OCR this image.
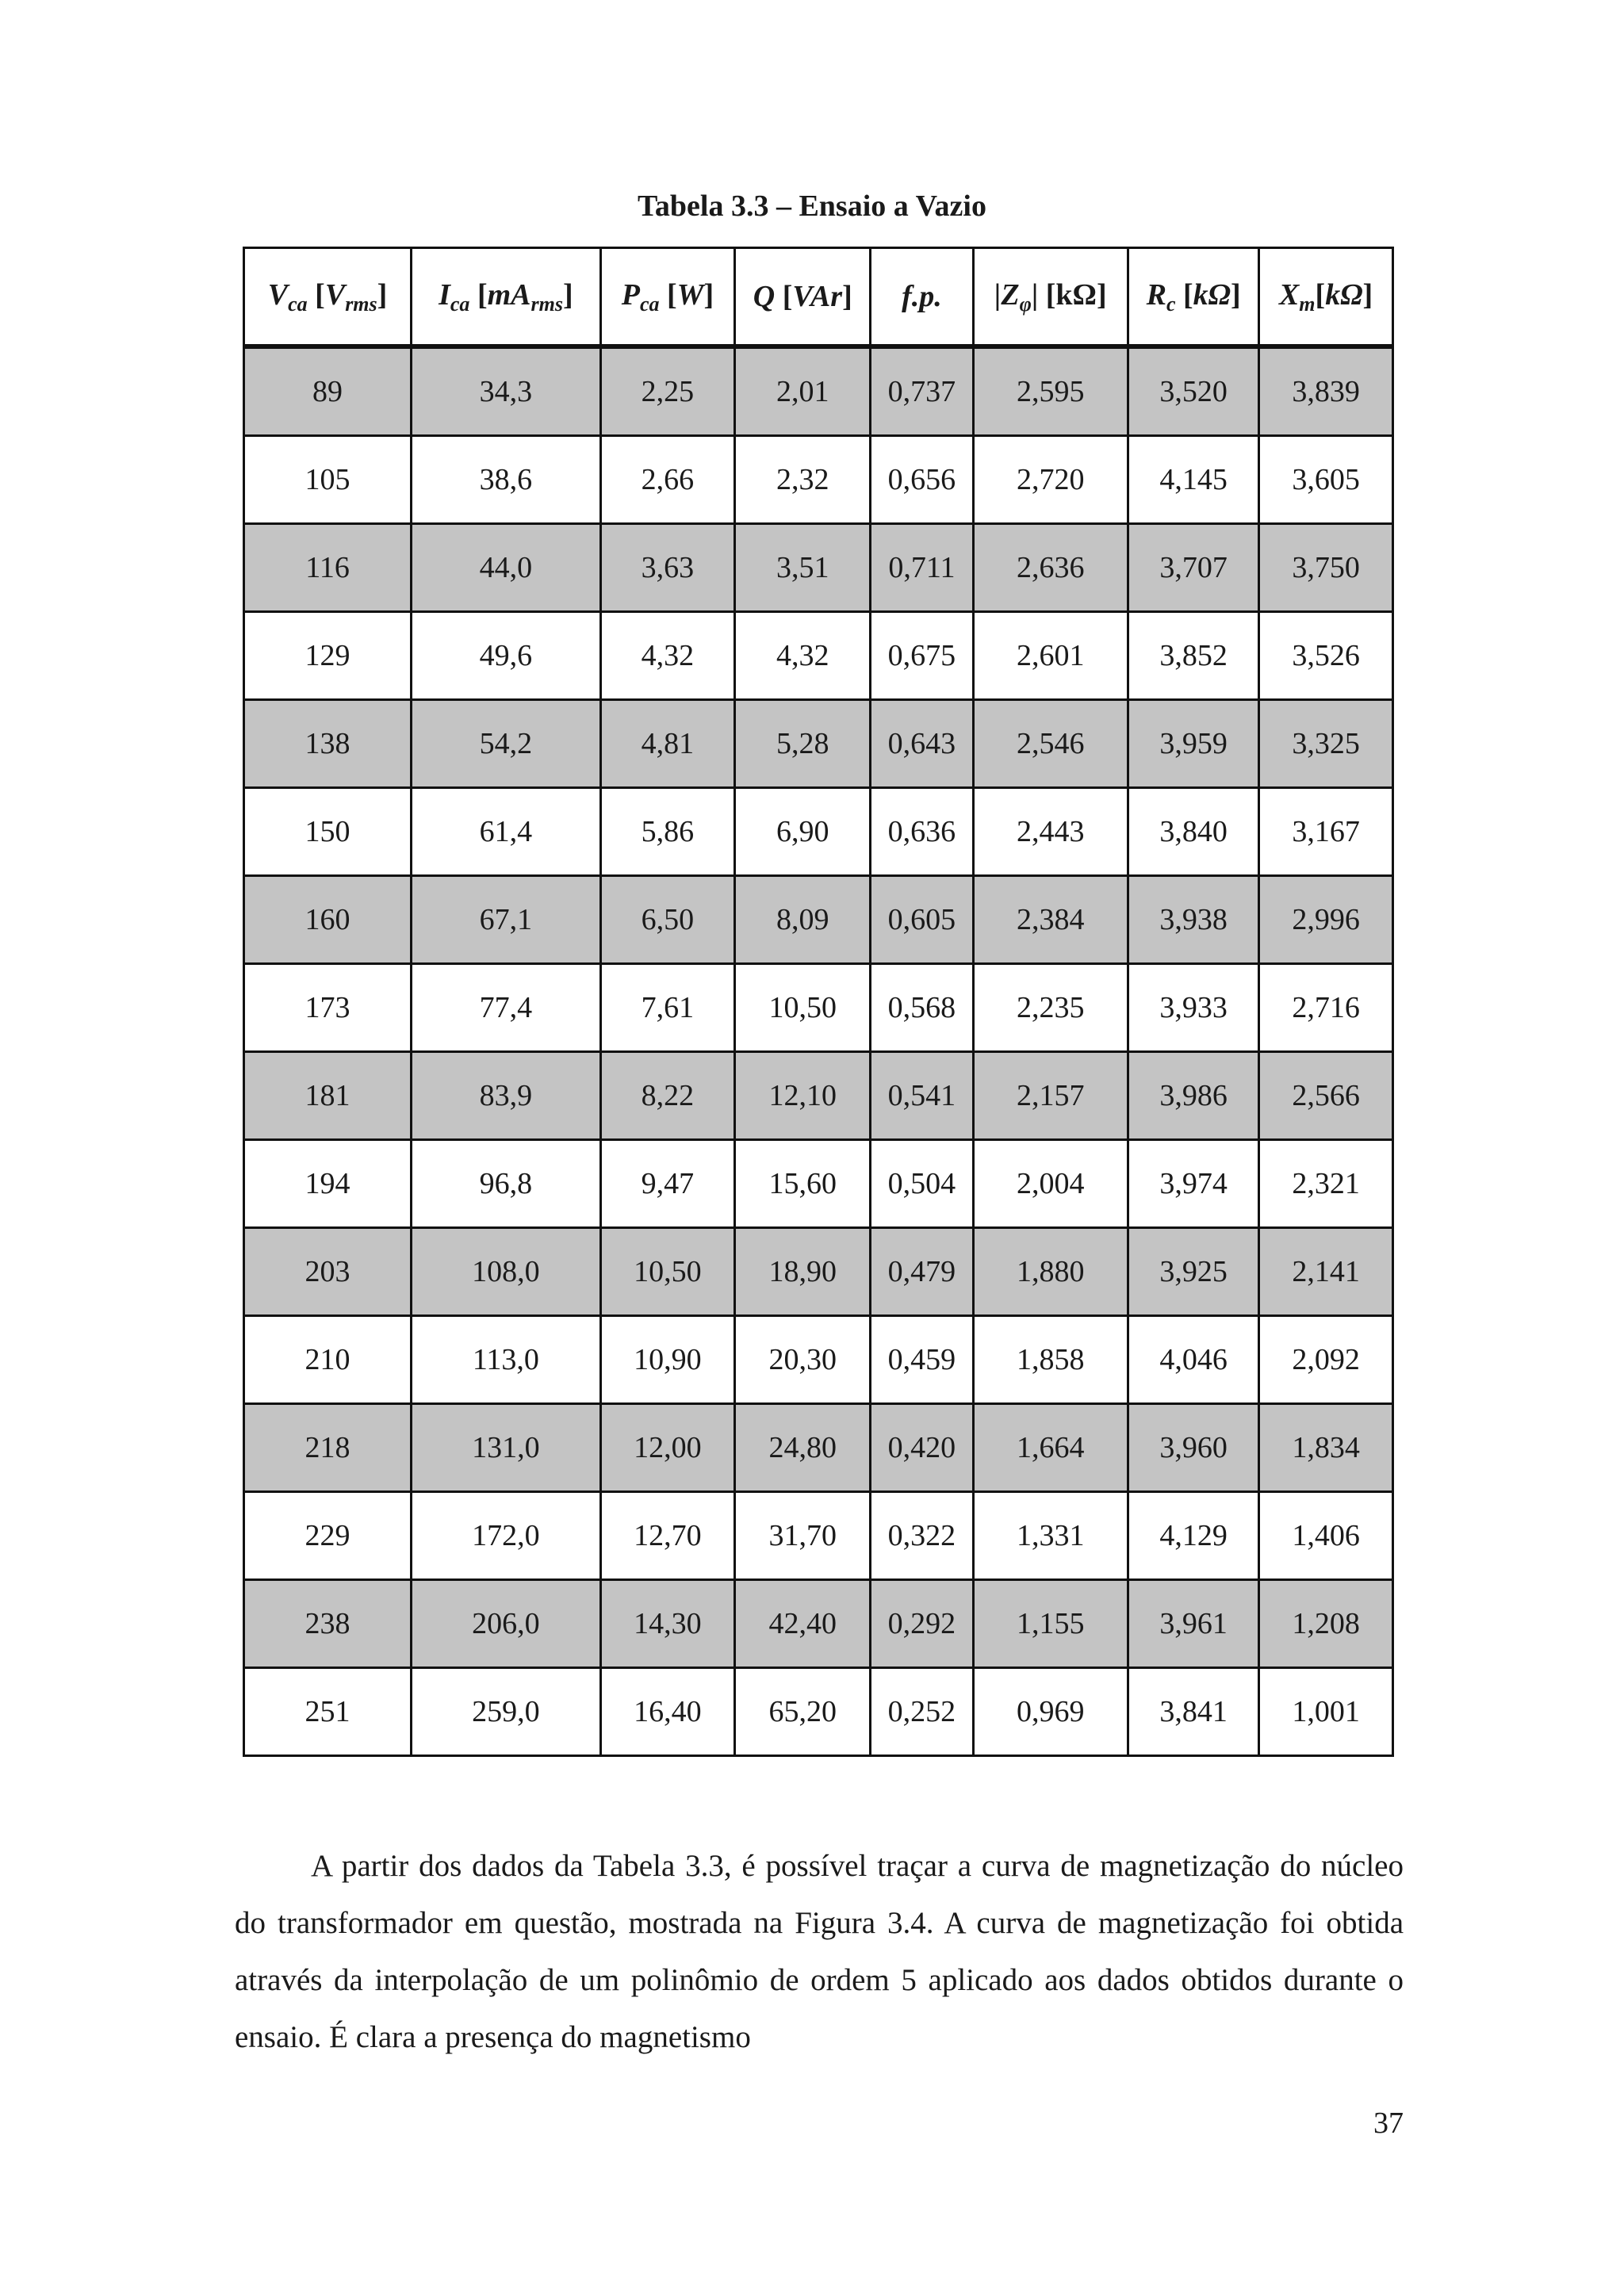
Tabela 3.3 – Ensaio a Vazio
$V_{ca}$ $[V_{rms}]$	$I_{ca}$ $[mA_{rms}]$	$P_{ca}$ [W]	Q [VAr]	f.p.	$|Z_\varphi|$ [kΩ]	$R_c$ [kΩ]	$X_m[k\Omega]$
89	34,3	2,25	2,01	0,737	2,595	3,520	3,839
105	38,6	2,66	2,32	0,656	2,720	4,145	3,605
116	44,0	3,63	3,51	0,711	2,636	3,707	3,750
129	49,6	4,32	4,32	0,675	2,601	3,852	3,526
138	54,2	4,81	5,28	0,643	2,546	3,959	3,325
150	61,4	5,86	6,90	0,636	2,443	3,840	3,167
160	67,1	6,50	8,09	0,605	2,384	3,938	2,996
173	77,4	7,61	10,50	0,568	2,235	3,933	2,716
181	83,9	8,22	12,10	0,541	2,157	3,986	2,566
194	96,8	9,47	15,60	0,504	2,004	3,974	2,321
203	108,0	10,50	18,90	0,479	1,880	3,925	2,141
210	113,0	10,90	20,30	0,459	1,858	4,046	2,092
218	131,0	12,00	24,80	0,420	1,664	3,960	1,834
229	172,0	12,70	31,70	0,322	1,331	4,129	1,406
238	206,0	14,30	42,40	0,292	1,155	3,961	1,208
251	259,0	16,40	65,20	0,252	0,969	3,841	1,001
A partir dos dados da Tabela 3.3, é possível traçar a curva de magnetização do núcleo do transformador em questão, mostrada na Figura 3.4. A curva de magnetização foi obtida através da interpolação de um polinômio de ordem 5 aplicado aos dados obtidos durante o ensaio. É clara a presença do magnetismo
37
